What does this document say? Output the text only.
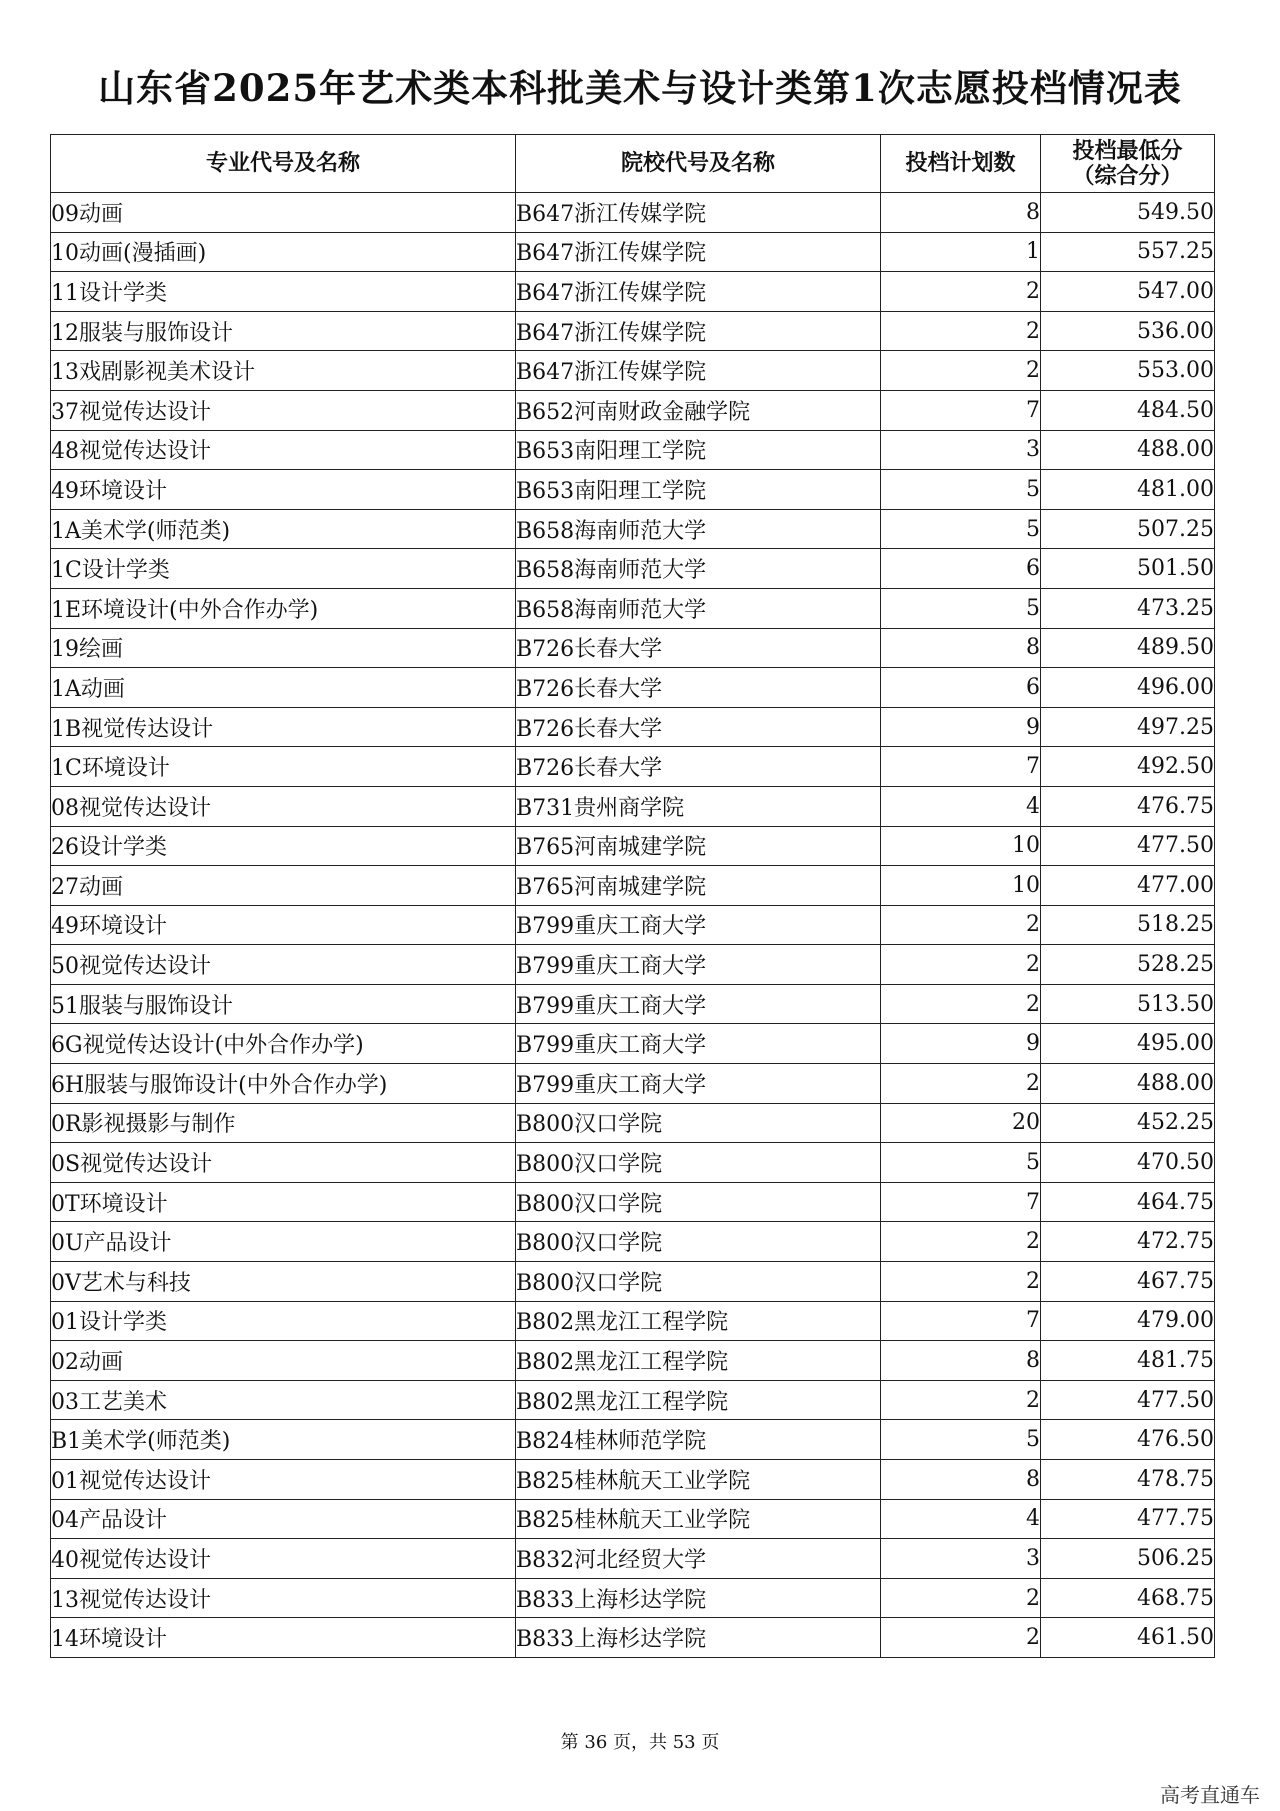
山东省2025年艺术类本科批美术与设计类第1次志愿投档情况表
专业代号及名称	院校代号及名称	投档计划数	投档最低分
（综合分）

09动画	B647浙江传媒学院	8	549.50
10动画(漫插画)	B647浙江传媒学院	1	557.25
11设计学类	B647浙江传媒学院	2	547.00
12服装与服饰设计	B647浙江传媒学院	2	536.00
13戏剧影视美术设计	B647浙江传媒学院	2	553.00
37视觉传达设计	B652河南财政金融学院	7	484.50
48视觉传达设计	B653南阳理工学院	3	488.00
49环境设计	B653南阳理工学院	5	481.00
1A美术学(师范类)	B658海南师范大学	5	507.25
1C设计学类	B658海南师范大学	6	501.50
1E环境设计(中外合作办学)	B658海南师范大学	5	473.25
19绘画	B726长春大学	8	489.50
1A动画	B726长春大学	6	496.00
1B视觉传达设计	B726长春大学	9	497.25
1C环境设计	B726长春大学	7	492.50
08视觉传达设计	B731贵州商学院	4	476.75
26设计学类	B765河南城建学院	10	477.50
27动画	B765河南城建学院	10	477.00
49环境设计	B799重庆工商大学	2	518.25
50视觉传达设计	B799重庆工商大学	2	528.25
51服装与服饰设计	B799重庆工商大学	2	513.50
6G视觉传达设计(中外合作办学)	B799重庆工商大学	9	495.00
6H服装与服饰设计(中外合作办学)	B799重庆工商大学	2	488.00
0R影视摄影与制作	B800汉口学院	20	452.25
0S视觉传达设计	B800汉口学院	5	470.50
0T环境设计	B800汉口学院	7	464.75
0U产品设计	B800汉口学院	2	472.75
0V艺术与科技	B800汉口学院	2	467.75
01设计学类	B802黑龙江工程学院	7	479.00
02动画	B802黑龙江工程学院	8	481.75
03工艺美术	B802黑龙江工程学院	2	477.50
B1美术学(师范类)	B824桂林师范学院	5	476.50
01视觉传达设计	B825桂林航天工业学院	8	478.75
04产品设计	B825桂林航天工业学院	4	477.75
40视觉传达设计	B832河北经贸大学	3	506.25
13视觉传达设计	B833上海杉达学院	2	468.75
14环境设计	B833上海杉达学院	2	461.50
第 36 页，共 53 页
高考直通车
